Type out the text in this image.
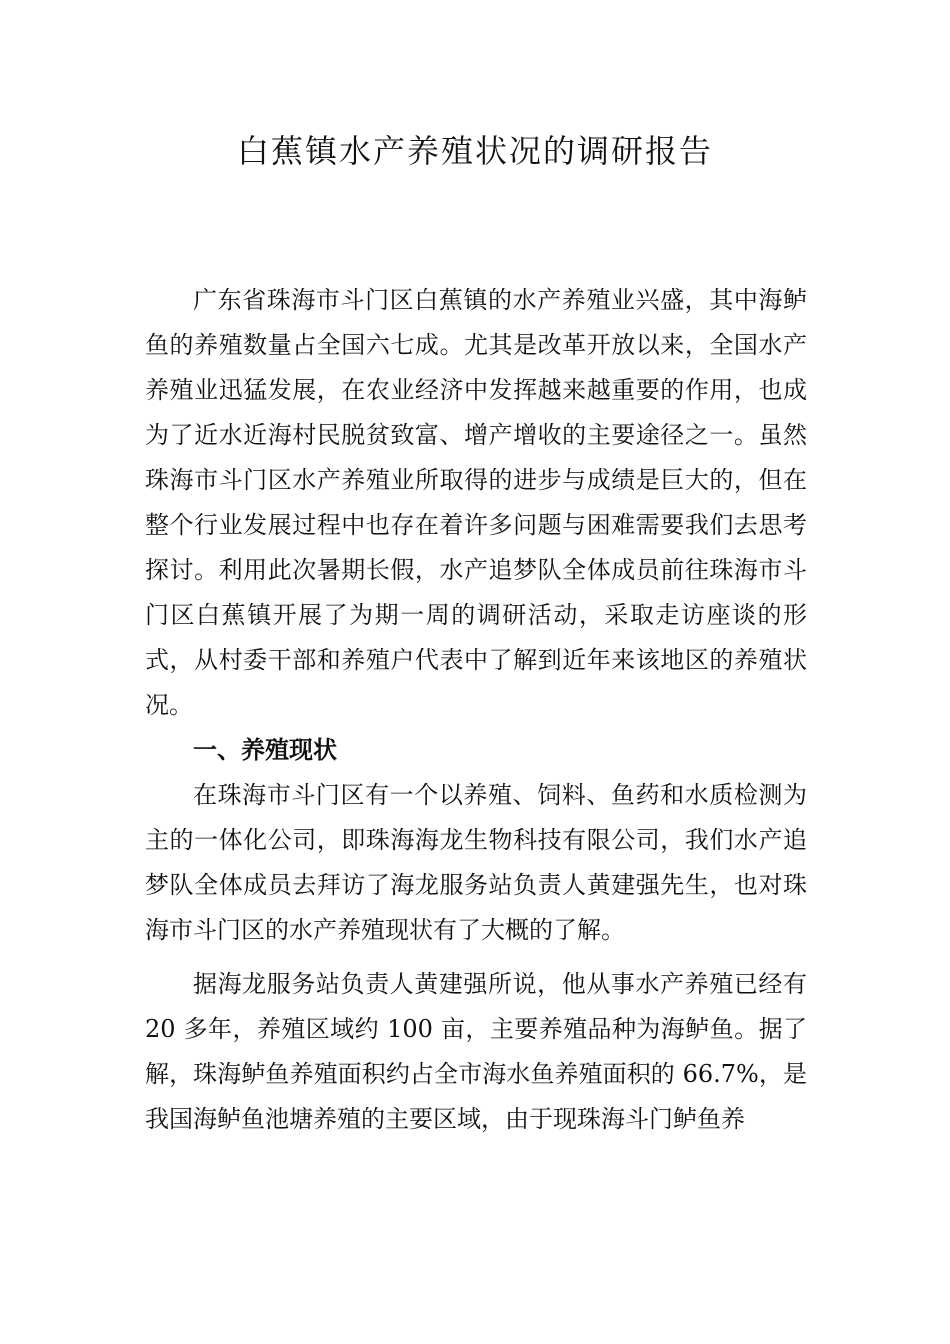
白蕉镇水产养殖状况的调研报告

广东省珠海市斗门区白蕉镇的水产养殖业兴盛，其中海鲈鱼的养殖数量占全国六七成。尤其是改革开放以来，全国水产养殖业迅猛发展，在农业经济中发挥越来越重要的作用，也成为了近水近海村民脱贫致富、增产增收的主要途径之一。虽然珠海市斗门区水产养殖业所取得的进步与成绩是巨大的，但在整个行业发展过程中也存在着许多问题与困难需要我们去思考探讨。利用此次暑期长假，水产追梦队全体成员前往珠海市斗门区白蕉镇开展了为期一周的调研活动，采取走访座谈的形式，从村委干部和养殖户代表中了解到近年来该地区的养殖状况。

一、养殖现状

在珠海市斗门区有一个以养殖、饲料、鱼药和水质检测为主的一体化公司，即珠海海龙生物科技有限公司，我们水产追梦队全体成员去拜访了海龙服务站负责人黄建强先生，也对珠海市斗门区的水产养殖现状有了大概的了解。

据海龙服务站负责人黄建强所说，他从事水产养殖已经有 20 多年，养殖区域约 100 亩，主要养殖品种为海鲈鱼。据了解，珠海鲈鱼养殖面积约占全市海水鱼养殖面积的 66.7%，是我国海鲈鱼池塘养殖的主要区域，由于现珠海斗门鲈鱼养
